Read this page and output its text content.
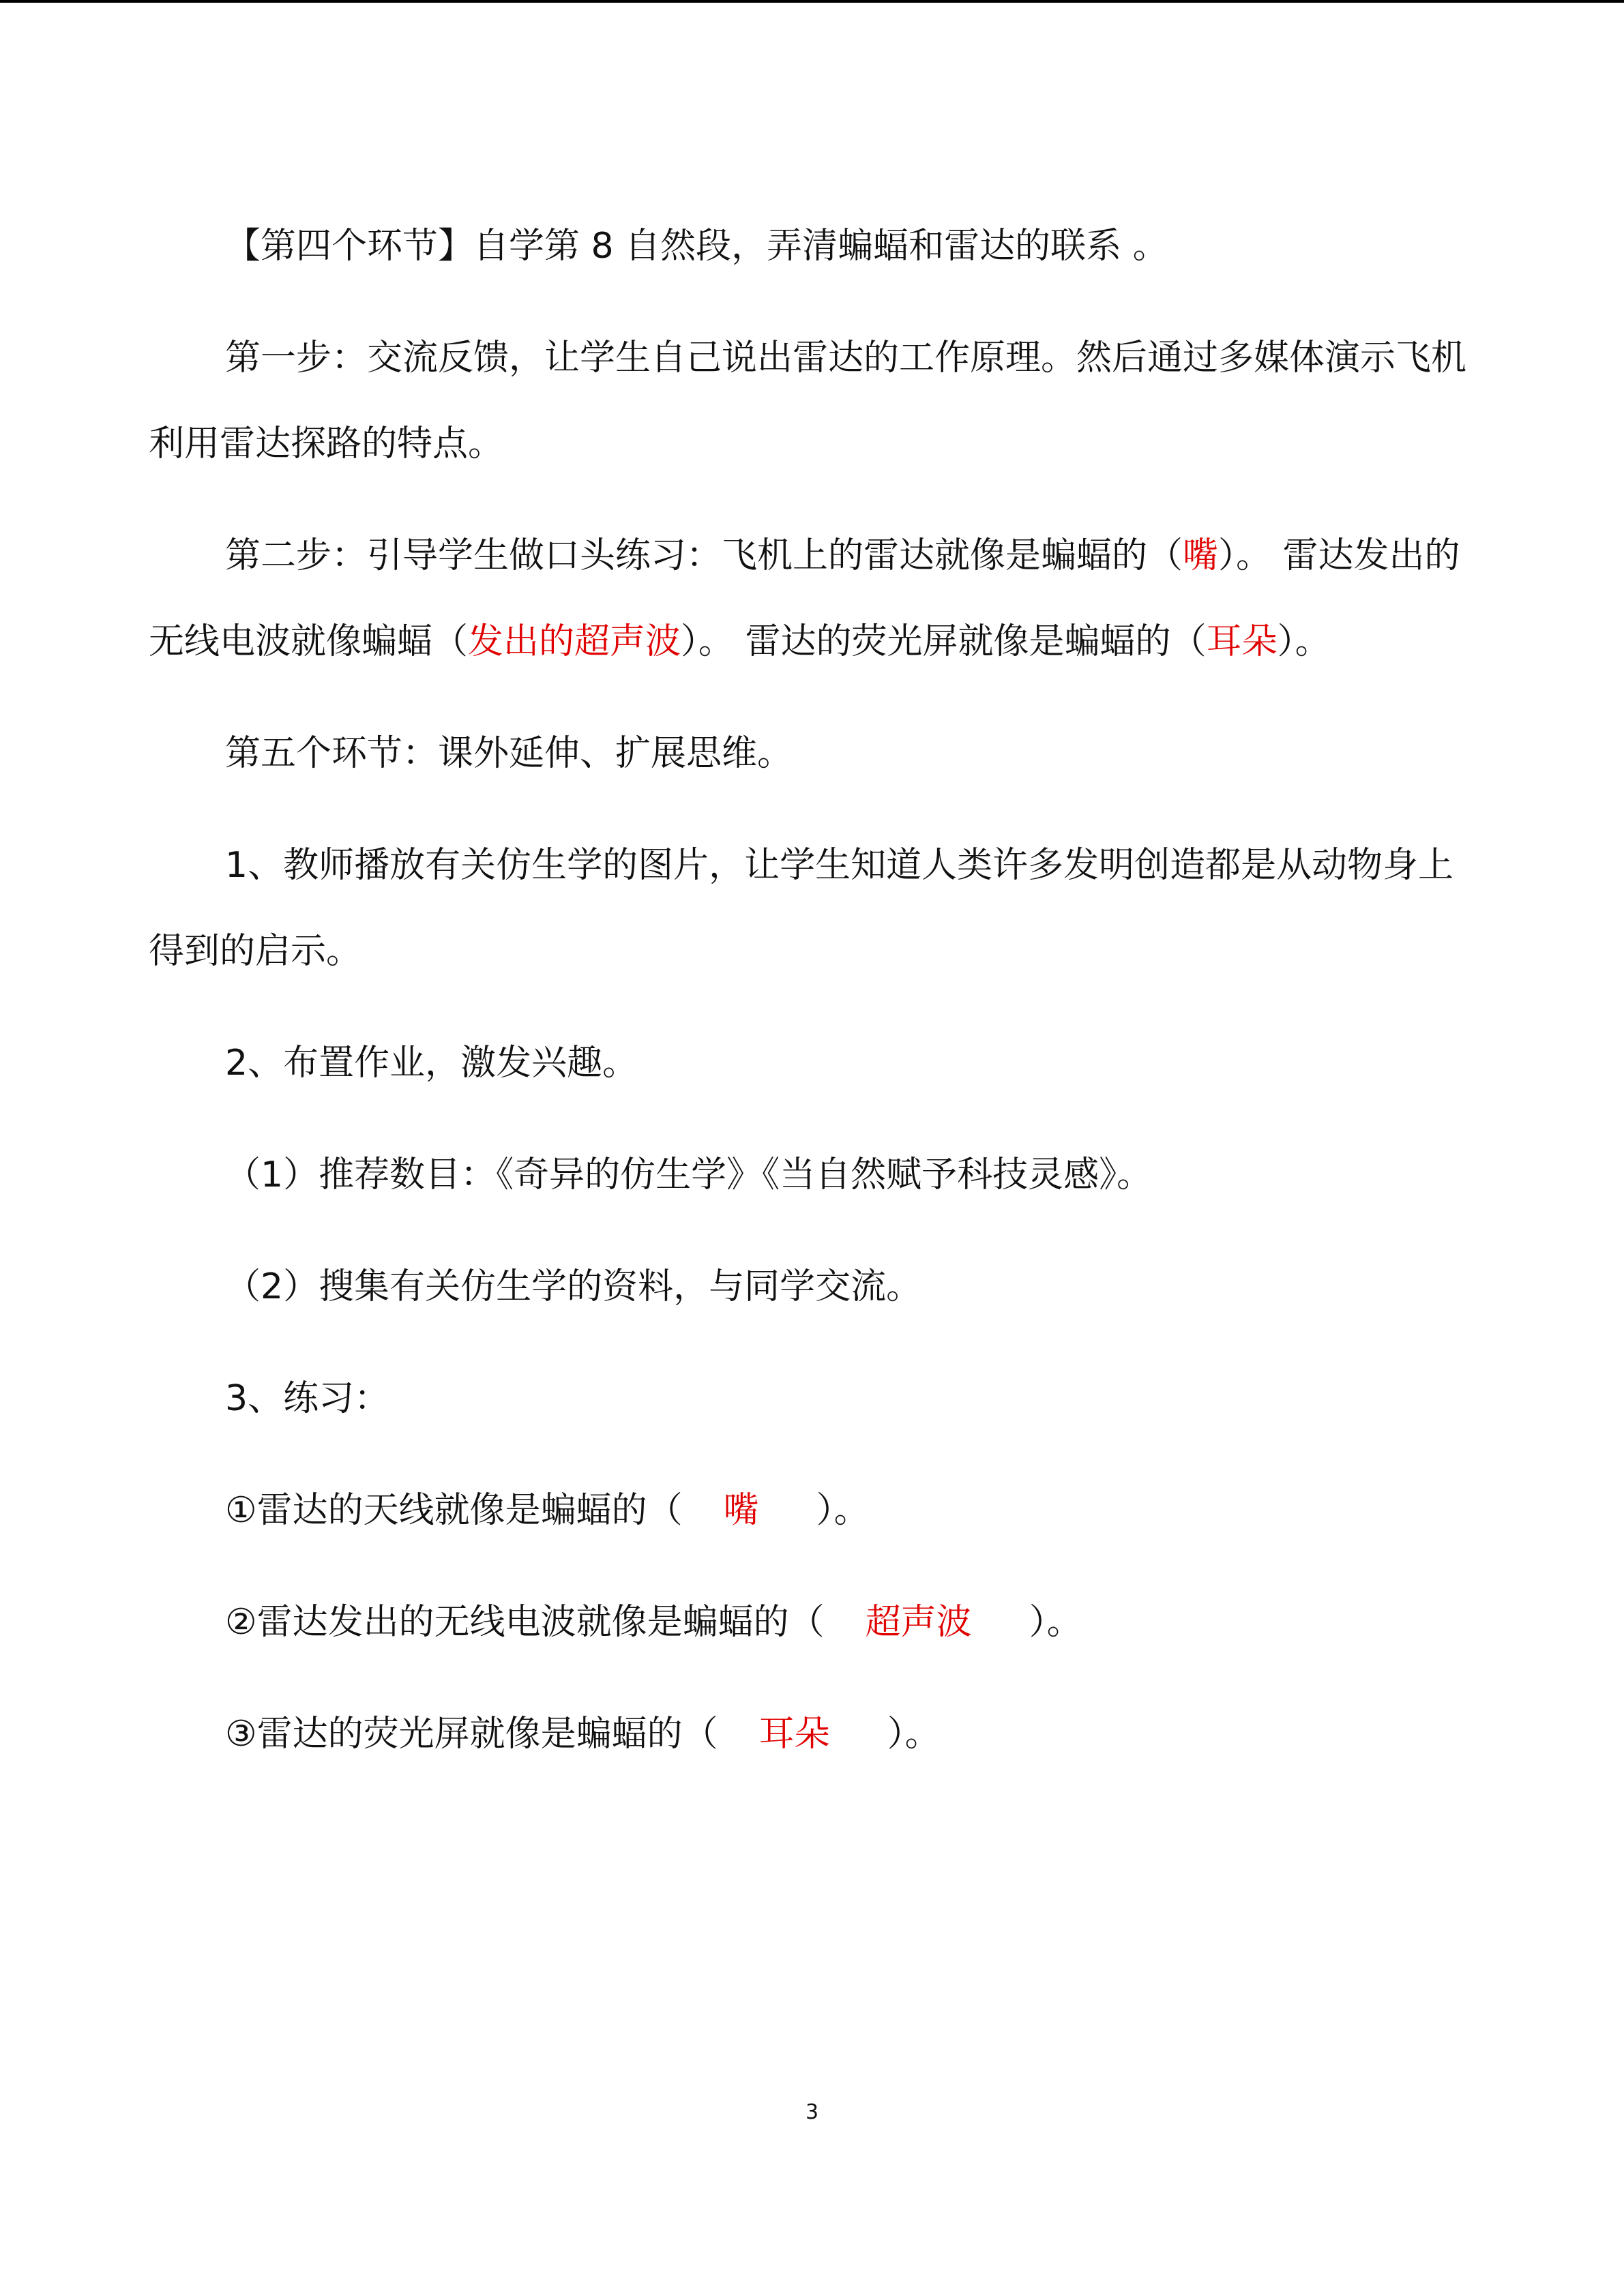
【第四个环节】自学第 8 自然段，弄清蝙蝠和雷达的联系 。

第一步：交流反馈，让学生自己说出雷达的工作原理。然后通过多媒体演示飞机利用雷达探路的特点。

第二步：引导学生做口头练习：飞机上的雷达就像是蝙蝠的（嘴）。 雷达发出的无线电波就像蝙蝠（发出的超声波）。 雷达的荧光屏就像是蝙蝠的（耳朵）。

第五个环节：课外延伸、扩展思维。

1、教师播放有关仿生学的图片，让学生知道人类许多发明创造都是从动物身上得到的启示。

2、布置作业，激发兴趣。

（1）推荐数目：《奇异的仿生学》《当自然赋予科技灵感》。

（2）搜集有关仿生学的资料，与同学交流。

3、练习：

①雷达的天线就像是蝙蝠的（ 嘴 ）。

②雷达发出的无线电波就像是蝙蝠的（ 超声波 ）。

③雷达的荧光屏就像是蝙蝠的（ 耳朵 ）。

3
